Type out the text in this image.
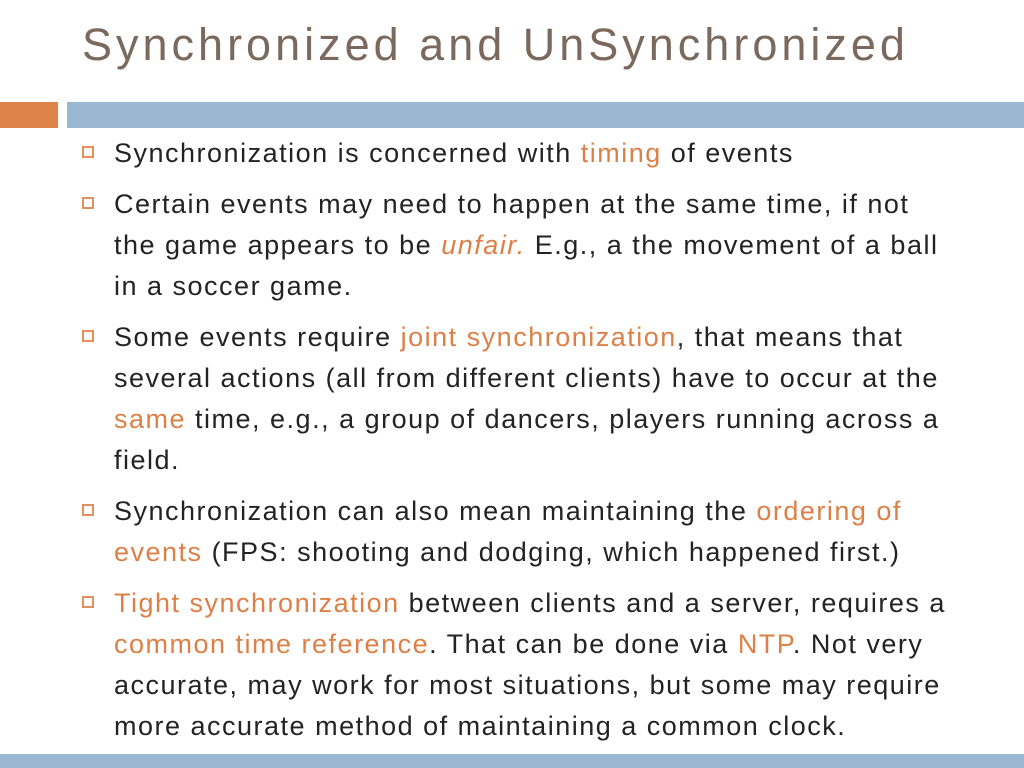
Synchronized and UnSynchronized
Synchronization is concerned with timing of events
Certain events may need to happen at the same time, if not
the game appears to be unfair. E.g., a the movement of a ball
in a soccer game.
Some events require joint synchronization, that means that
several actions (all from different clients) have to occur at the
same time, e.g., a group of dancers, players running across a
field.
Synchronization can also mean maintaining the ordering of
events (FPS: shooting and dodging, which happened first.)
Tight synchronization between clients and a server, requires a
common time reference. That can be done via NTP. Not very
accurate, may work for most situations, but some may require
more accurate method of maintaining a common clock.
